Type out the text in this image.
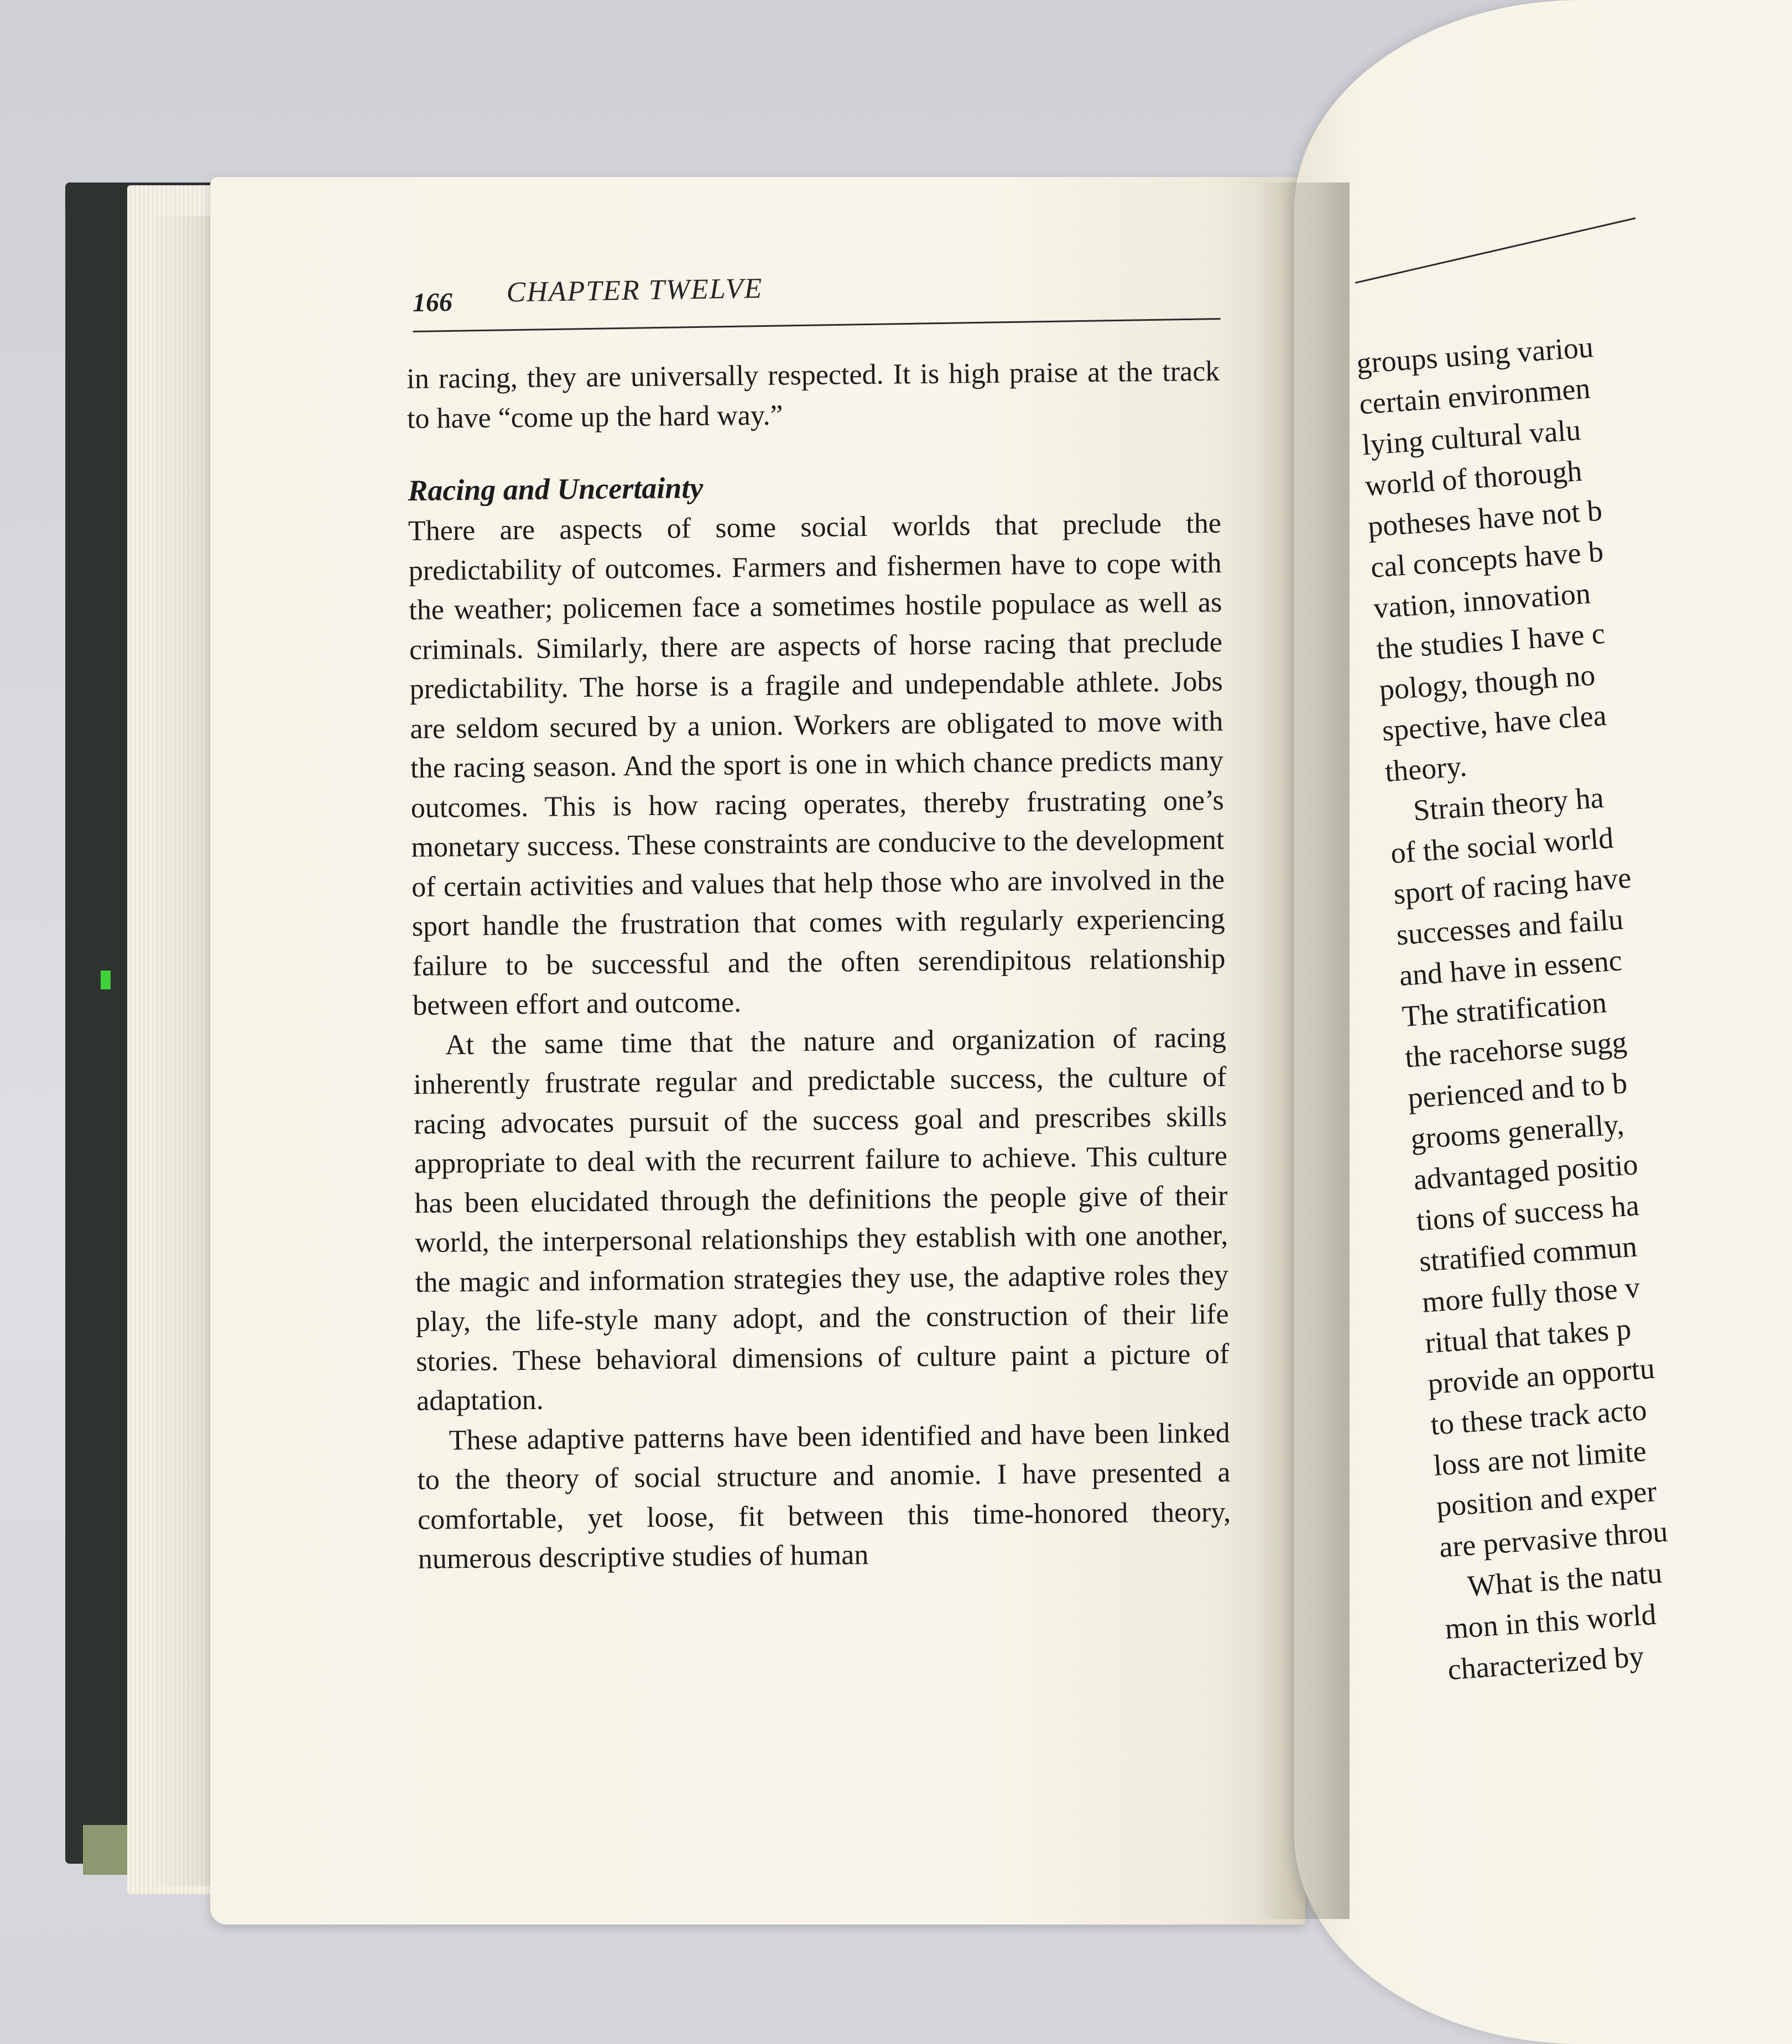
166 CHAPTER TWELVE

in racing, they are universally respected. It is high praise at the track to have “come up the hard way.”

Racing and Uncertainty

There are aspects of some social worlds that preclude the predictability of outcomes. Farmers and fishermen have to cope with the weather; policemen face a sometimes hostile populace as well as criminals. Similarly, there are aspects of horse racing that preclude predictability. The horse is a fragile and undependable athlete. Jobs are seldom secured by a union. Workers are obligated to move with the racing season. And the sport is one in which chance predicts many outcomes. This is how racing operates, thereby frustrating one’s monetary success. These constraints are conducive to the development of certain activities and values that help those who are involved in the sport handle the frustration that comes with regularly experiencing failure to be successful and the often serendipitous relationship between effort and outcome.

At the same time that the nature and organization of racing inherently frustrate regular and predictable success, the culture of racing advocates pursuit of the success goal and prescribes skills appropriate to deal with the recurrent failure to achieve. This culture has been elucidated through the definitions the people give of their world, the interpersonal relationships they establish with one another, the magic and information strategies they use, the adaptive roles they play, the life-style many adopt, and the construction of their life stories. These behavioral dimensions of culture paint a picture of adaptation.

These adaptive patterns have been identified and have been linked to the theory of social structure and anomie. I have presented a comfortable, yet loose, fit between this time-honored theory, numerous descriptive studies of human

groups using variou
certain environmen
lying cultural valu
world of thorough
potheses have not b
cal concepts have b
vation, innovation
the studies I have c
pology, though no
spective, have clea
theory.
Strain theory ha
of the social world
sport of racing have
successes and failu
and have in essenc
The stratification
the racehorse sugg
perienced and to b
grooms generally,
advantaged positio
tions of success ha
stratified commun
more fully those v
ritual that takes p
provide an opportu
to these track acto
loss are not limite
position and exper
are pervasive throu
What is the natu
mon in this world
characterized by
